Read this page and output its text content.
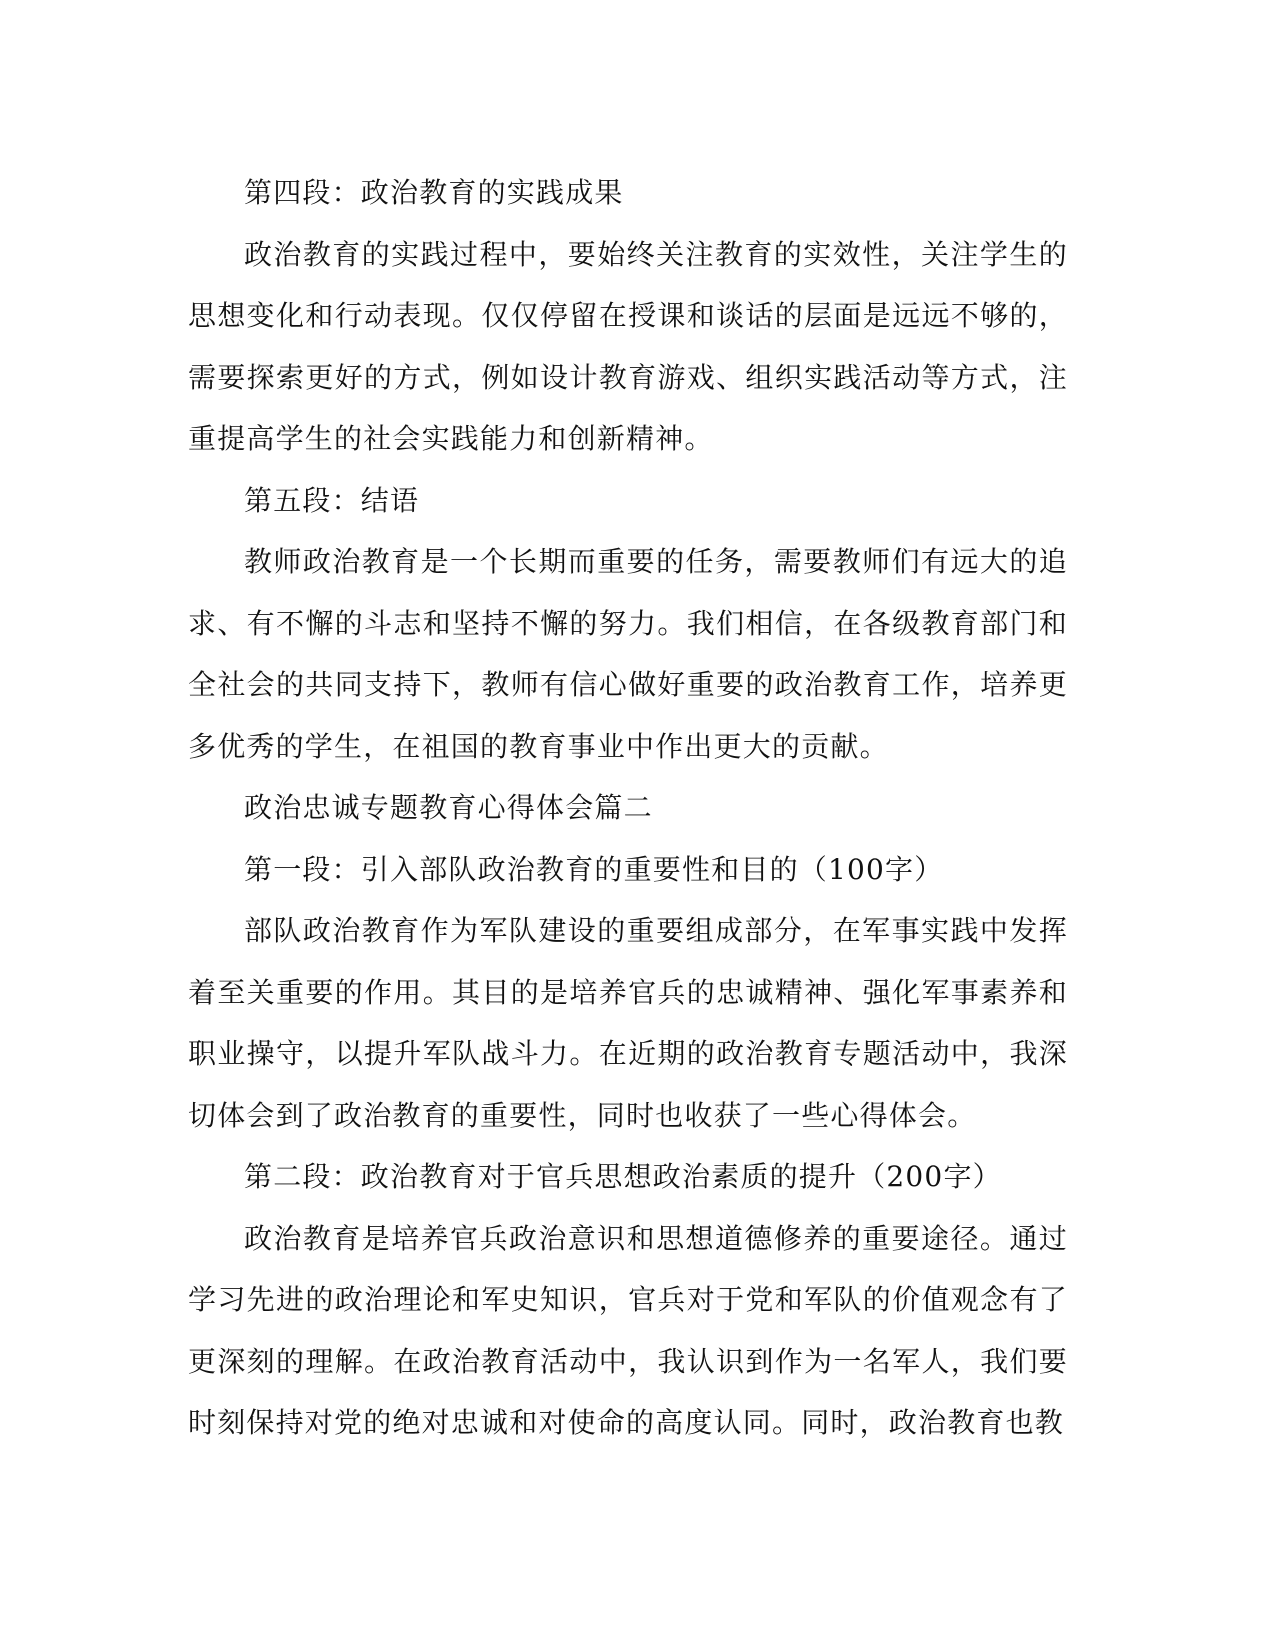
第四段：政治教育的实践成果

政治教育的实践过程中，要始终关注教育的实效性，关注学生的思想变化和行动表现。仅仅停留在授课和谈话的层面是远远不够的，需要探索更好的方式，例如设计教育游戏、组织实践活动等方式，注重提高学生的社会实践能力和创新精神。

第五段：结语

教师政治教育是一个长期而重要的任务，需要教师们有远大的追求、有不懈的斗志和坚持不懈的努力。我们相信，在各级教育部门和全社会的共同支持下，教师有信心做好重要的政治教育工作，培养更多优秀的学生，在祖国的教育事业中作出更大的贡献。

政治忠诚专题教育心得体会篇二

第一段：引入部队政治教育的重要性和目的（100字）

部队政治教育作为军队建设的重要组成部分，在军事实践中发挥着至关重要的作用。其目的是培养官兵的忠诚精神、强化军事素养和职业操守，以提升军队战斗力。在近期的政治教育专题活动中，我深切体会到了政治教育的重要性，同时也收获了一些心得体会。

第二段：政治教育对于官兵思想政治素质的提升（200字）

政治教育是培养官兵政治意识和思想道德修养的重要途径。通过学习先进的政治理论和军史知识，官兵对于党和军队的价值观念有了更深刻的理解。在政治教育活动中，我认识到作为一名军人，我们要时刻保持对党的绝对忠诚和对使命的高度认同。同时，政治教育也教
